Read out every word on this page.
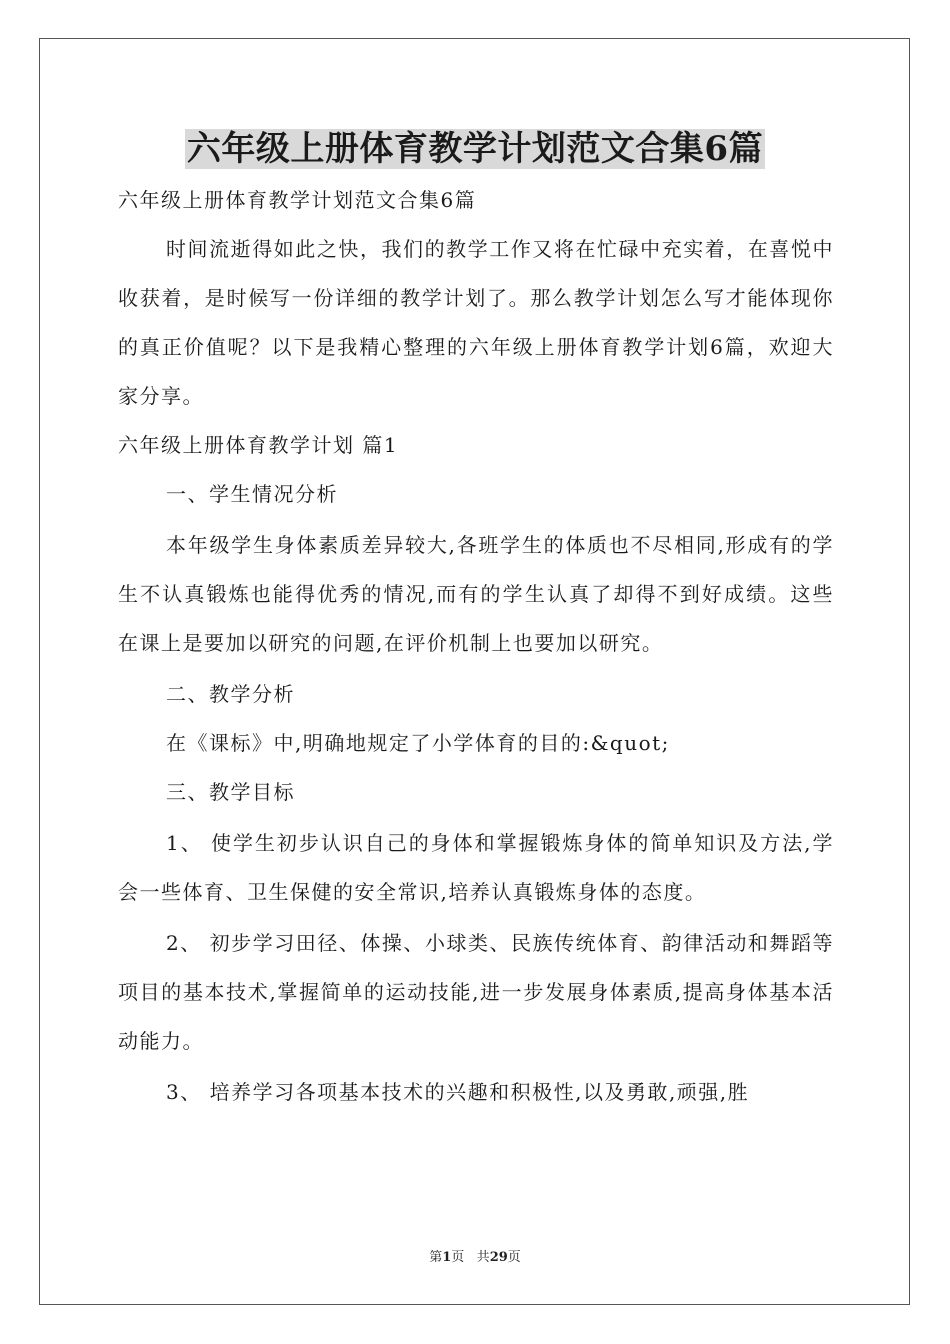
六年级上册体育教学计划范文合集6篇

六年级上册体育教学计划范文合集6篇

时间流逝得如此之快，我们的教学工作又将在忙碌中充实着，在喜悦中收获着，是时候写一份详细的教学计划了。那么教学计划怎么写才能体现你的真正价值呢？以下是我精心整理的六年级上册体育教学计划6篇，欢迎大家分享。

六年级上册体育教学计划 篇1

一、学生情况分析

本年级学生身体素质差异较大,各班学生的体质也不尽相同,形成有的学生不认真锻炼也能得优秀的情况,而有的学生认真了却得不到好成绩。这些在课上是要加以研究的问题,在评价机制上也要加以研究。

二、教学分析

在《课标》中,明确地规定了小学体育的目的:&quot;

三、教学目标

1、 使学生初步认识自己的身体和掌握锻炼身体的简单知识及方法,学会一些体育、卫生保健的安全常识,培养认真锻炼身体的态度。

2、 初步学习田径、体操、小球类、民族传统体育、韵律活动和舞蹈等项目的基本技术,掌握简单的运动技能,进一步发展身体素质,提高身体基本活动能力。

3、 培养学习各项基本技术的兴趣和积极性,以及勇敢,顽强,胜

第1页 共29页
